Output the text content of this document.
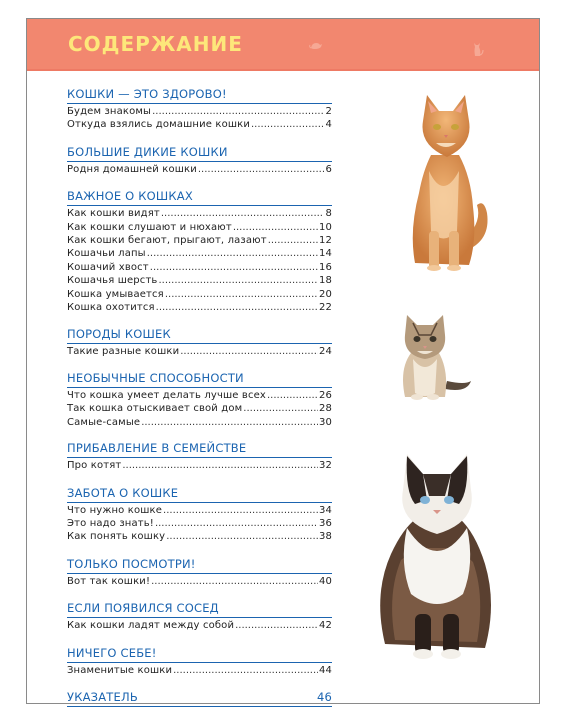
СОДЕРЖАНИЕ
КОШКИ — ЭТО ЗДОРОВО!
Будем знакомы .....	2
Откуда взялись домашние кошки .....	4
БОЛЬШИЕ ДИКИЕ КОШКИ
Родня домашней кошки .....	6
ВАЖНОЕ О КОШКАХ
Как кошки видят .....	8
Как кошки слушают и нюхают .....	10
Как кошки бегают, прыгают, лазают .....	12
Кошачьи лапы .....	14
Кошачий хвост .....	16
Кошачья шерсть .....	18
Кошка умывается .....	20
Кошка охотится .....	22
ПОРОДЫ КОШЕК
Такие разные кошки .....	24
НЕОБЫЧНЫЕ СПОСОБНОСТИ
Что кошка умеет делать лучше всех .....	26
Так кошка отыскивает свой дом .....	28
Самые-самые .....	30
ПРИБАВЛЕНИЕ В СЕМЕЙСТВЕ
Про котят .....	32
ЗАБОТА О КОШКЕ
Что нужно кошке .....	34
Это надо знать! .....	36
Как понять кошку .....	38
ТОЛЬКО ПОСМОТРИ!
Вот так кошки! .....	40
ЕСЛИ ПОЯВИЛСЯ СОСЕД
Как кошки ладят между собой .....	42
НИЧЕГО СЕБЕ!
Знаменитые кошки .....	44
УКАЗАТЕЛЬ	46
